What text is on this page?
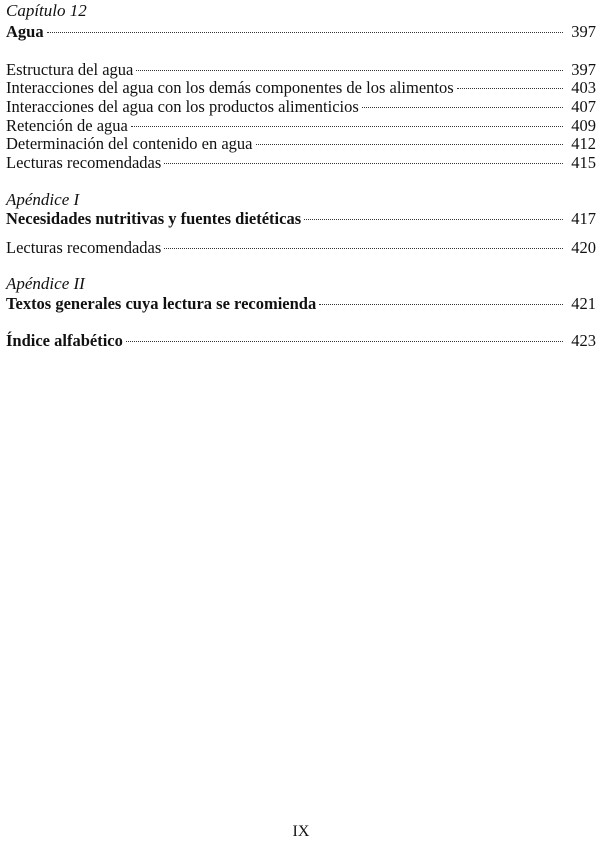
Capítulo 12
Agua	397
Estructura del agua	397
Interacciones del agua con los demás componentes de los alimentos	403
Interacciones del agua con los productos alimenticios	407
Retención de agua	409
Determinación del contenido en agua	412
Lecturas recomendadas	415
Apéndice I
Necesidades nutritivas y fuentes dietéticas	417
Lecturas recomendadas	420
Apéndice II
Textos generales cuya lectura se recomienda	421
Índice alfabético	423
IX
